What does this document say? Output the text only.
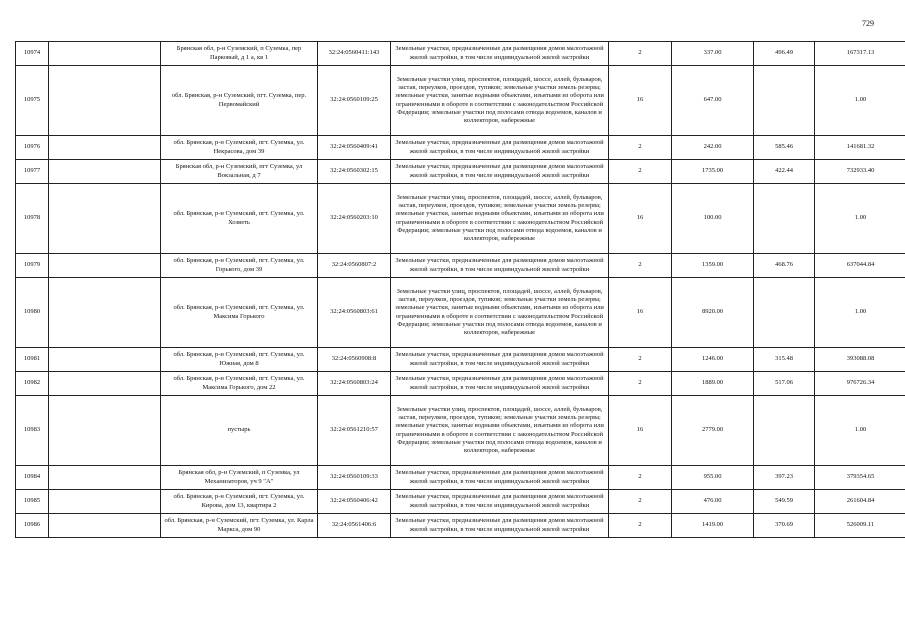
729
10974		Брянская обл, р-н Суземский, п Суземка, пер Парковый, д 1 а, кв 1	32:24:0560411:143	Земельные участки, предназначенные для размещения домов малоэтажной жилой застройки, в том числе индивидуальной жилой застройки	2	337.00	496.49	167317.13
10975		обл. Брянская, р-н Суземский, пгт. Суземка, пер. Первомайский	32:24:0560109:25	Земельные участки улиц, проспектов, площадей, шоссе, аллей, бульваров, застав, переулков, проездов, тупиков; земельные участки земель резерва; земельные участки, занятые водными объектами, изъятыми из оборота или ограниченными в обороте в соответствии с законодательством Российской Федерации; земельные участки под полосами отвода водоемов, каналов и коллекторов, набережные	16	647.00		1.00
10976		обл. Брянская, р-н Суземский, пгт. Суземка, ул. Некрасова, дом 39	32:24:0560409:41	Земельные участки, предназначенные для размещения домов малоэтажной жилой застройки, в том числе индивидуальной жилой застройки	2	242.00	585.46	141681.32
10977		Брянская обл, р-н Суземский, пгт Суземка, ул Вокзальная, д 7	32:24:0560302:15	Земельные участки, предназначенные для размещения домов малоэтажной жилой застройки, в том числе индивидуальной жилой застройки	2	1735.00	422.44	732933.40
10978		обл. Брянская, р-н Суземский, пгт. Суземка, ул. Хозветь	32:24:0560203:10	Земельные участки улиц, проспектов, площадей, шоссе, аллей, бульваров, застав, переулков, проездов, тупиков; земельные участки земель резерва; земельные участки, занятые водными объектами, изъятыми из оборота или ограниченными в обороте в соответствии с законодательством Российской Федерации; земельные участки под полосами отвода водоемов, каналов и коллекторов, набережные	16	100.00		1.00
10979		обл. Брянская, р-н Суземский, пгт. Суземка, ул. Горького, дом 39	32:24:0560807:2	Земельные участки, предназначенные для размещения домов малоэтажной жилой застройки, в том числе индивидуальной жилой застройки	2	1359.00	468.76	637044.84
10980		обл. Брянская, р-н Суземский, пгт. Суземка, ул. Максима Горького	32:24:0560803:61	Земельные участки улиц, проспектов, площадей, шоссе, аллей, бульваров, застав, переулков, проездов, тупиков; земельные участки земель резерва; земельные участки, занятые водными объектами, изъятыми из оборота или ограниченными в обороте в соответствии с законодательством Российской Федерации; земельные участки под полосами отвода водоемов, каналов и коллекторов, набережные	16	8920.00		1.00
10981		обл. Брянская, р-н Суземский, пгт. Суземка, ул. Южная, дом 8	32:24:0560908:8	Земельные участки, предназначенные для размещения домов малоэтажной жилой застройки, в том числе индивидуальной жилой застройки	2	1246.00	315.48	393088.08
10982		обл. Брянская, р-н Суземский, пгт. Суземка, ул. Максима Горького, дом 22	32:24:0560803:24	Земельные участки, предназначенные для размещения домов малоэтажной жилой застройки, в том числе индивидуальной жилой застройки	2	1889.00	517.06	976726.34
10983		пустырь	32:24:0561210:57	Земельные участки улиц, проспектов, площадей, шоссе, аллей, бульваров, застав, переулков, проездов, тупиков; земельные участки земель резерва; земельные участки, занятые водными объектами, изъятыми из оборота или ограниченными в обороте в соответствии с законодательством Российской Федерации; земельные участки под полосами отвода водоемов, каналов и коллекторов, набережные	16	2779.00		1.00
10984		Брянская обл, р-н Суземский, п Суземка, ул Механизаторов, уч 9 "А"	32:24:0560109:33	Земельные участки, предназначенные для размещения домов малоэтажной жилой застройки, в том числе индивидуальной жилой застройки	2	955.00	397.23	379354.65
10985		обл. Брянская, р-н Суземский, пгт. Суземка, ул. Кирова, дом 13, квартира 2	32:24:0560406:42	Земельные участки, предназначенные для размещения домов малоэтажной жилой застройки, в том числе индивидуальной жилой застройки	2	476.00	549.59	261604.84
10986		обл. Брянская, р-н Суземский, пгт. Суземка, ул. Карла Маркса, дом 90	32:24:0561406:6	Земельные участки, предназначенные для размещения домов малоэтажной жилой застройки, в том числе индивидуальной жилой застройки	2	1419.00	370.69	526009.11
